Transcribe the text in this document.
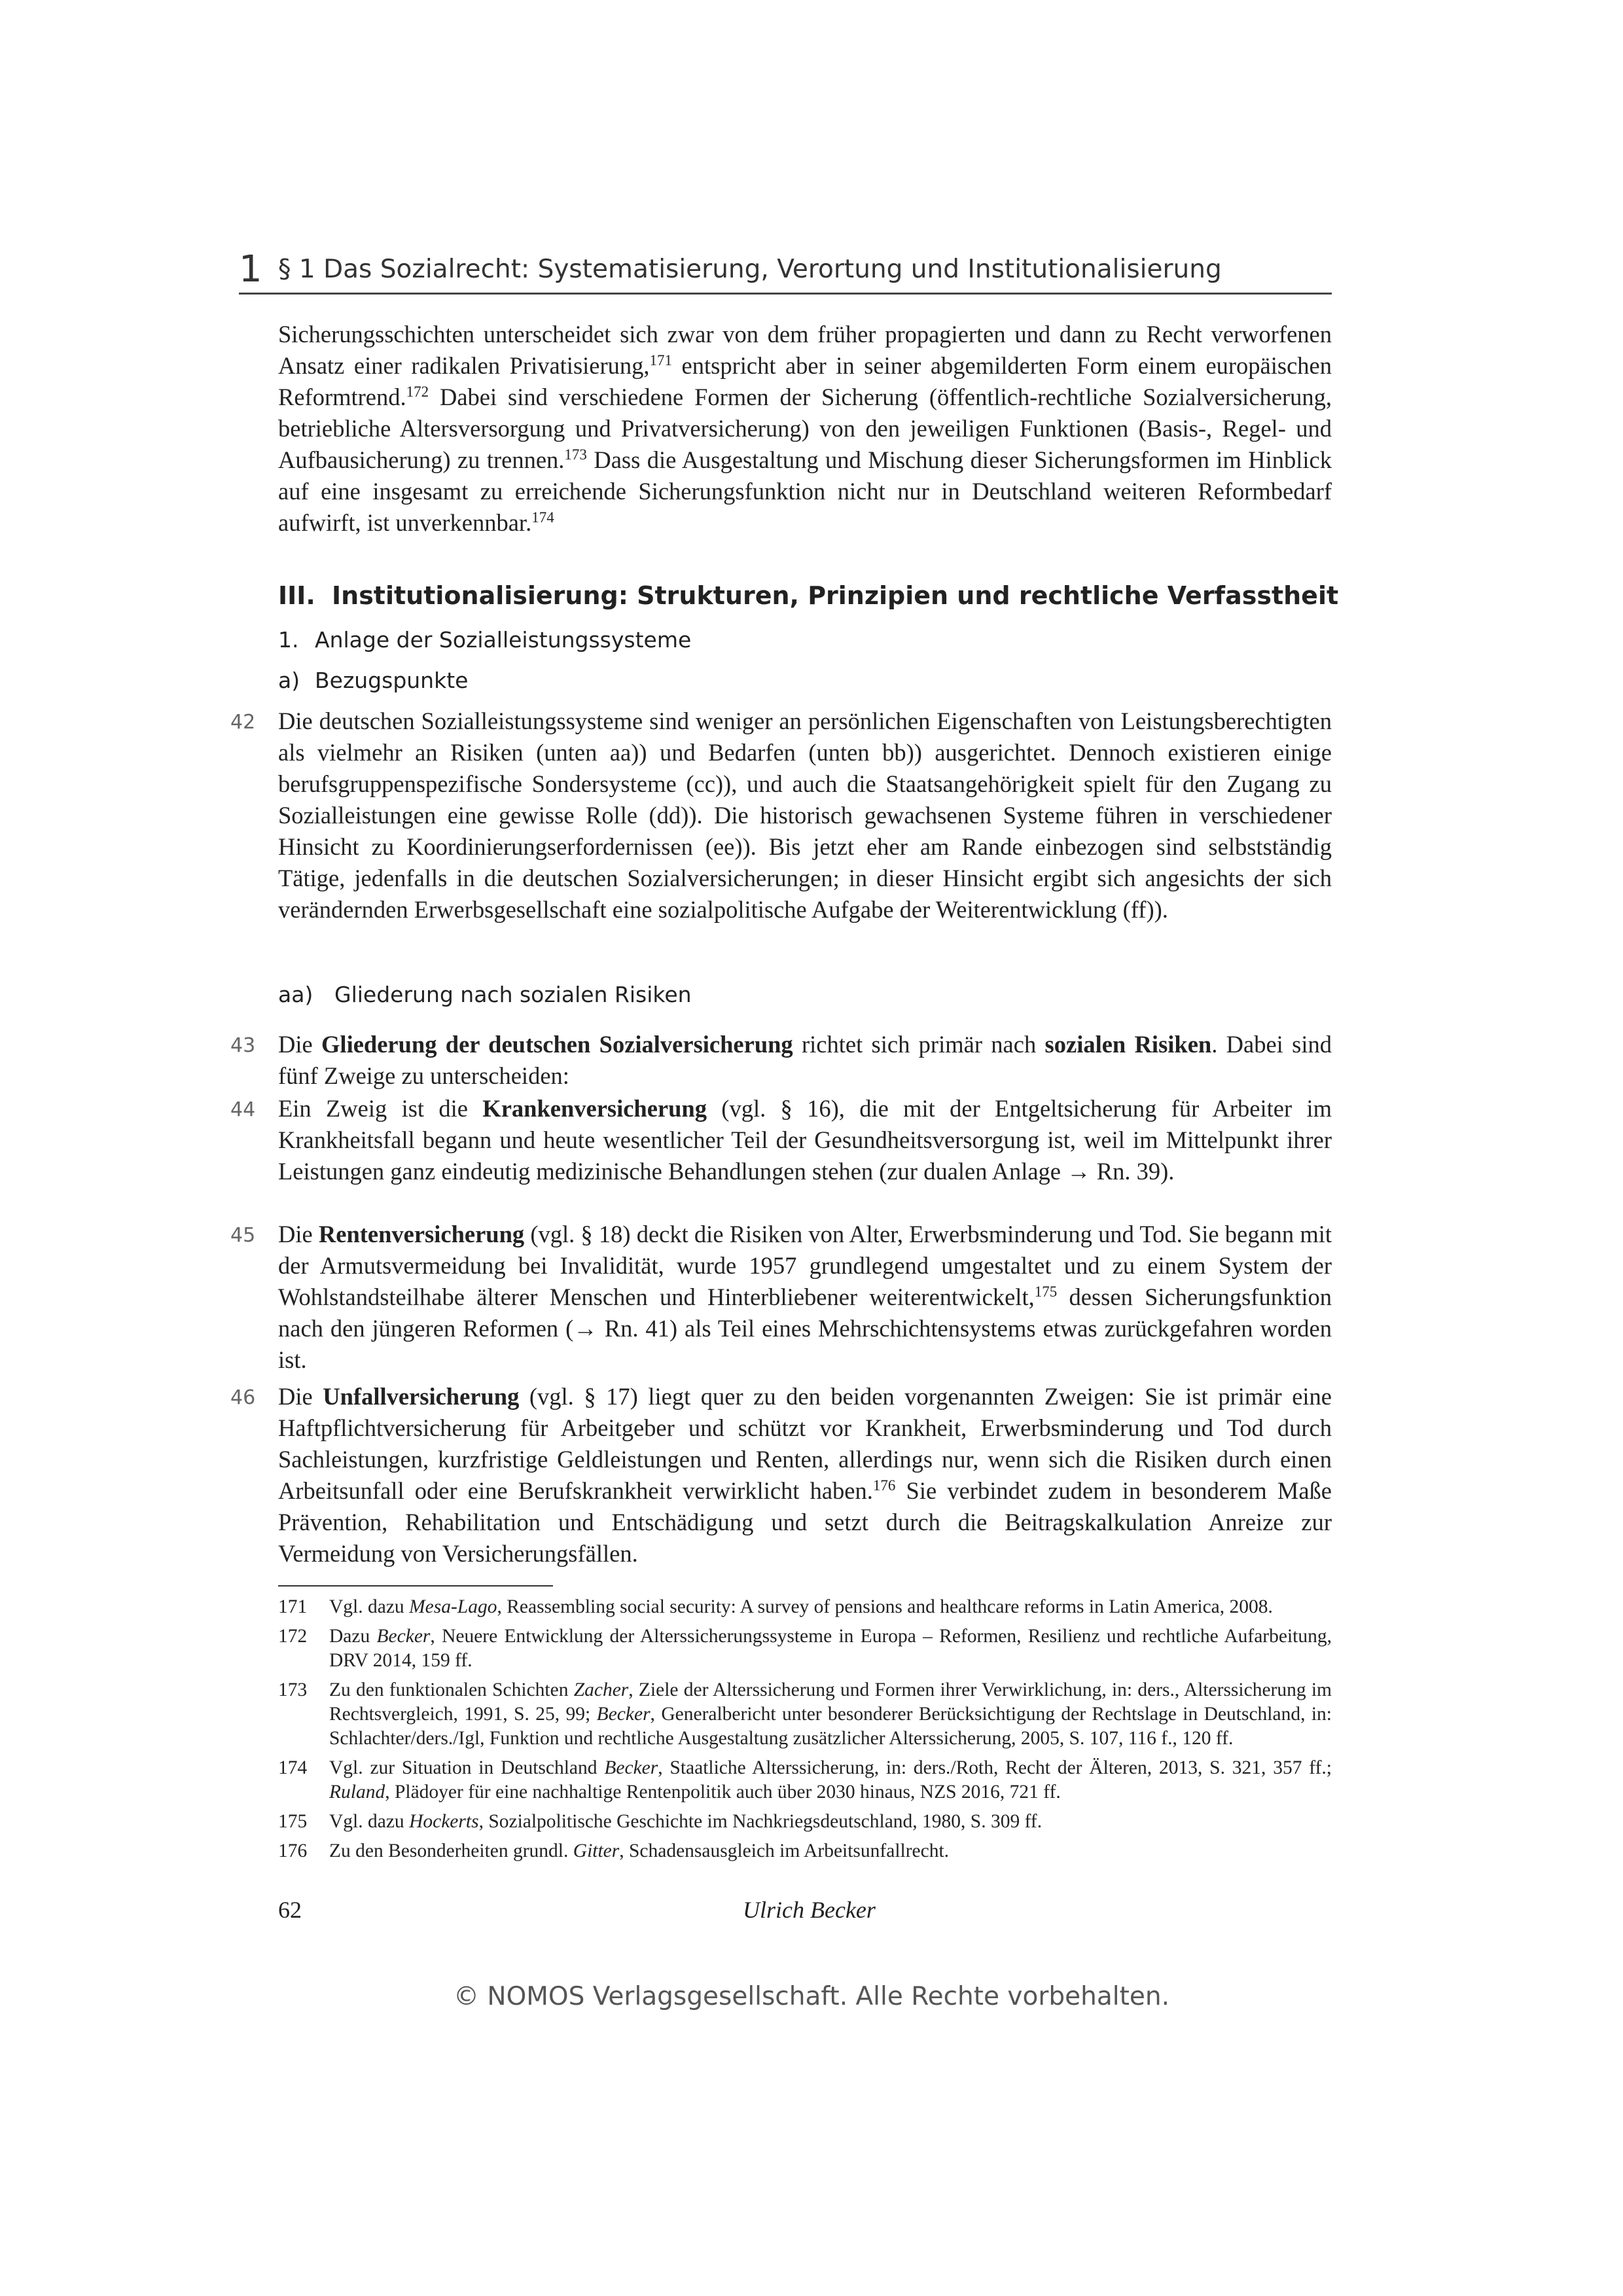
1 § 1 Das Sozialrecht: Systematisierung, Verortung und Institutionalisierung
Sicherungsschichten unterscheidet sich zwar von dem früher propagierten und dann zu Recht verworfenen Ansatz einer radikalen Privatisierung,$^{171}$ entspricht aber in seiner abgemilderten Form einem europäischen Reformtrend.$^{172}$ Dabei sind verschiedene Formen der Sicherung (öffentlich-rechtliche Sozialversicherung, betriebliche Altersversorgung und Privatversicherung) von den jeweiligen Funktionen (Basis-, Regel- und Aufbausicherung) zu trennen.$^{173}$ Dass die Ausgestaltung und Mischung dieser Sicherungsformen im Hinblick auf eine insgesamt zu erreichende Sicherungsfunktion nicht nur in Deutschland weiteren Reformbedarf aufwirft, ist unverkennbar.$^{174}$
III. Institutionalisierung: Strukturen, Prinzipien und rechtliche Verfasstheit
1. Anlage der Sozialleistungssysteme
a) Bezugspunkte
42 Die deutschen Sozialleistungssysteme sind weniger an persönlichen Eigenschaften von Leistungsberechtigten als vielmehr an Risiken (unten aa)) und Bedarfen (unten bb)) ausgerichtet. Dennoch existieren einige berufsgruppenspezifische Sondersysteme (cc)), und auch die Staatsangehörigkeit spielt für den Zugang zu Sozialleistungen eine gewisse Rolle (dd)). Die historisch gewachsenen Systeme führen in verschiedener Hinsicht zu Koordinierungserfordernissen (ee)). Bis jetzt eher am Rande einbezogen sind selbstständig Tätige, jedenfalls in die deutschen Sozialversicherungen; in dieser Hinsicht ergibt sich angesichts der sich verändernden Erwerbsgesellschaft eine sozialpolitische Aufgabe der Weiterentwicklung (ff)).
aa) Gliederung nach sozialen Risiken
43 Die Gliederung der deutschen Sozialversicherung richtet sich primär nach sozialen Risiken. Dabei sind fünf Zweige zu unterscheiden:
44 Ein Zweig ist die Krankenversicherung (vgl. § 16), die mit der Entgeltsicherung für Arbeiter im Krankheitsfall begann und heute wesentlicher Teil der Gesundheitsversorgung ist, weil im Mittelpunkt ihrer Leistungen ganz eindeutig medizinische Behandlungen stehen (zur dualen Anlage → Rn. 39).
45 Die Rentenversicherung (vgl. § 18) deckt die Risiken von Alter, Erwerbsminderung und Tod. Sie begann mit der Armutsvermeidung bei Invalidität, wurde 1957 grundlegend umgestaltet und zu einem System der Wohlstandsteilhabe älterer Menschen und Hinterbliebener weiterentwickelt,$^{175}$ dessen Sicherungsfunktion nach den jüngeren Reformen (→ Rn. 41) als Teil eines Mehrschichtensystems etwas zurückgefahren worden ist.
46 Die Unfallversicherung (vgl. § 17) liegt quer zu den beiden vorgenannten Zweigen: Sie ist primär eine Haftpflichtversicherung für Arbeitgeber und schützt vor Krankheit, Erwerbsminderung und Tod durch Sachleistungen, kurzfristige Geldleistungen und Renten, allerdings nur, wenn sich die Risiken durch einen Arbeitsunfall oder eine Berufskrankheit verwirklicht haben.$^{176}$ Sie verbindet zudem in besonderem Maße Prävention, Rehabilitation und Entschädigung und setzt durch die Beitragskalkulation Anreize zur Vermeidung von Versicherungsfällen.
171 Vgl. dazu Mesa-Lago, Reassembling social security: A survey of pensions and healthcare reforms in Latin America, 2008.
172 Dazu Becker, Neuere Entwicklung der Alterssicherungssysteme in Europa – Reformen, Resilienz und rechtliche Aufarbeitung, DRV 2014, 159 ff.
173 Zu den funktionalen Schichten Zacher, Ziele der Alterssicherung und Formen ihrer Verwirklichung, in: ders., Alterssicherung im Rechtsvergleich, 1991, S. 25, 99; Becker, Generalbericht unter besonderer Berücksichtigung der Rechtslage in Deutschland, in: Schlachter/ders./Igl, Funktion und rechtliche Ausgestaltung zusätzlicher Alterssicherung, 2005, S. 107, 116 f., 120 ff.
174 Vgl. zur Situation in Deutschland Becker, Staatliche Alterssicherung, in: ders./Roth, Recht der Älteren, 2013, S. 321, 357 ff.; Ruland, Plädoyer für eine nachhaltige Rentenpolitik auch über 2030 hinaus, NZS 2016, 721 ff.
175 Vgl. dazu Hockerts, Sozialpolitische Geschichte im Nachkriegsdeutschland, 1980, S. 309 ff.
176 Zu den Besonderheiten grundl. Gitter, Schadensausgleich im Arbeitsunfallrecht.
62	Ulrich Becker
© NOMOS Verlagsgesellschaft. Alle Rechte vorbehalten.
